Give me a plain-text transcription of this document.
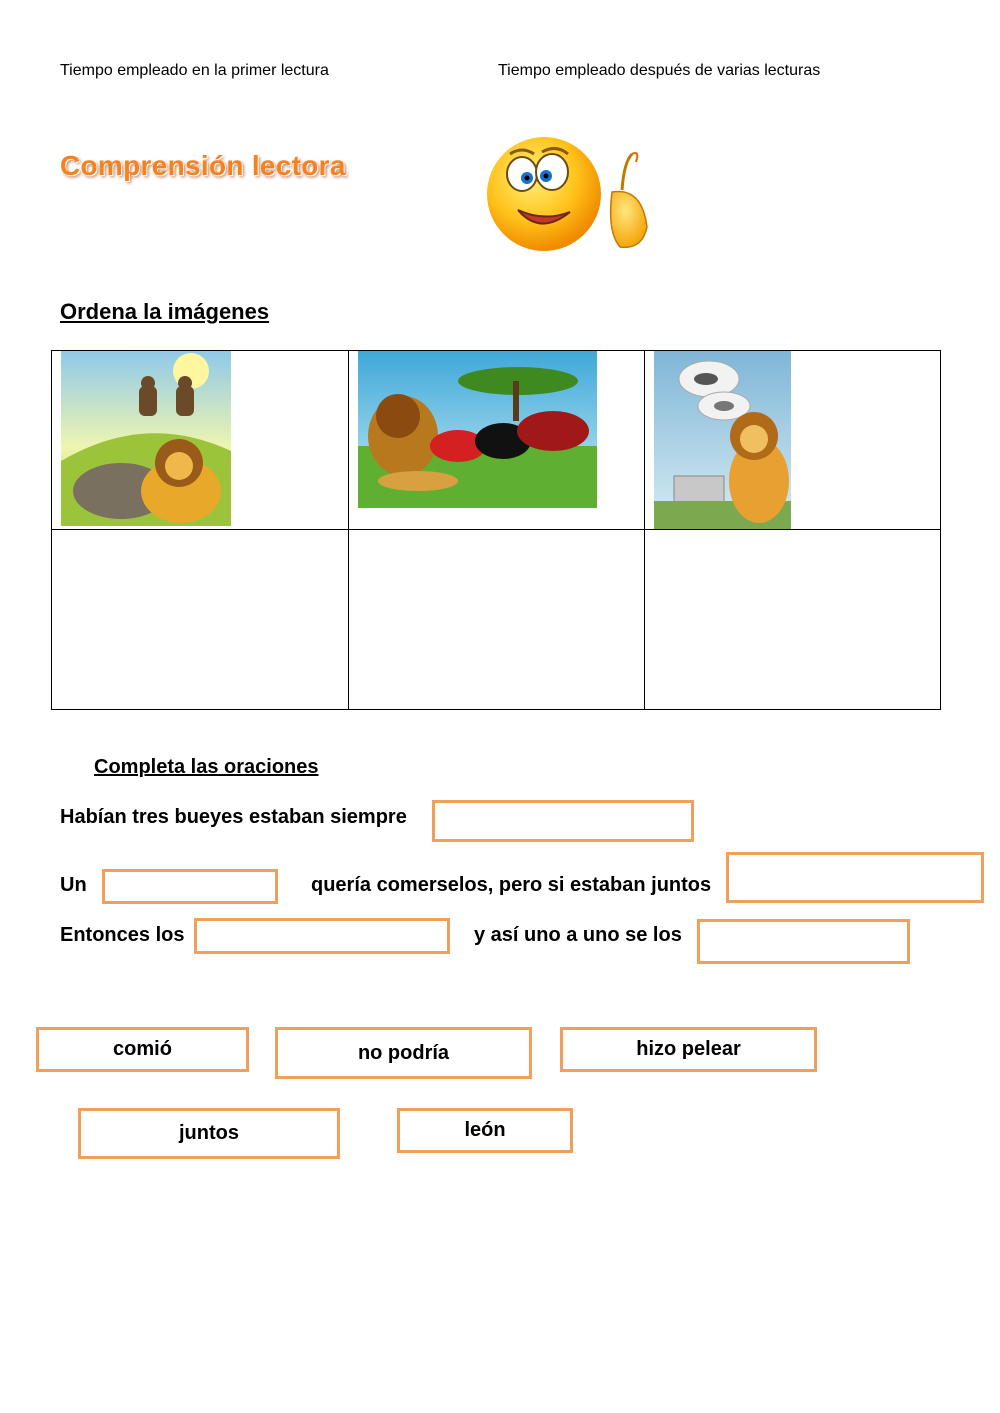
Tiempo empleado en la primer lectura	Tiempo empleado después de varias lecturas
Comprensión lectora
Ordena la imágenes
Completa las oraciones
Habían tres bueyes estaban siempre
Un	quería comerselos, pero si estaban juntos
Entonces los	y así uno a uno se los
comió	no podría	hizo pelear
juntos	león
